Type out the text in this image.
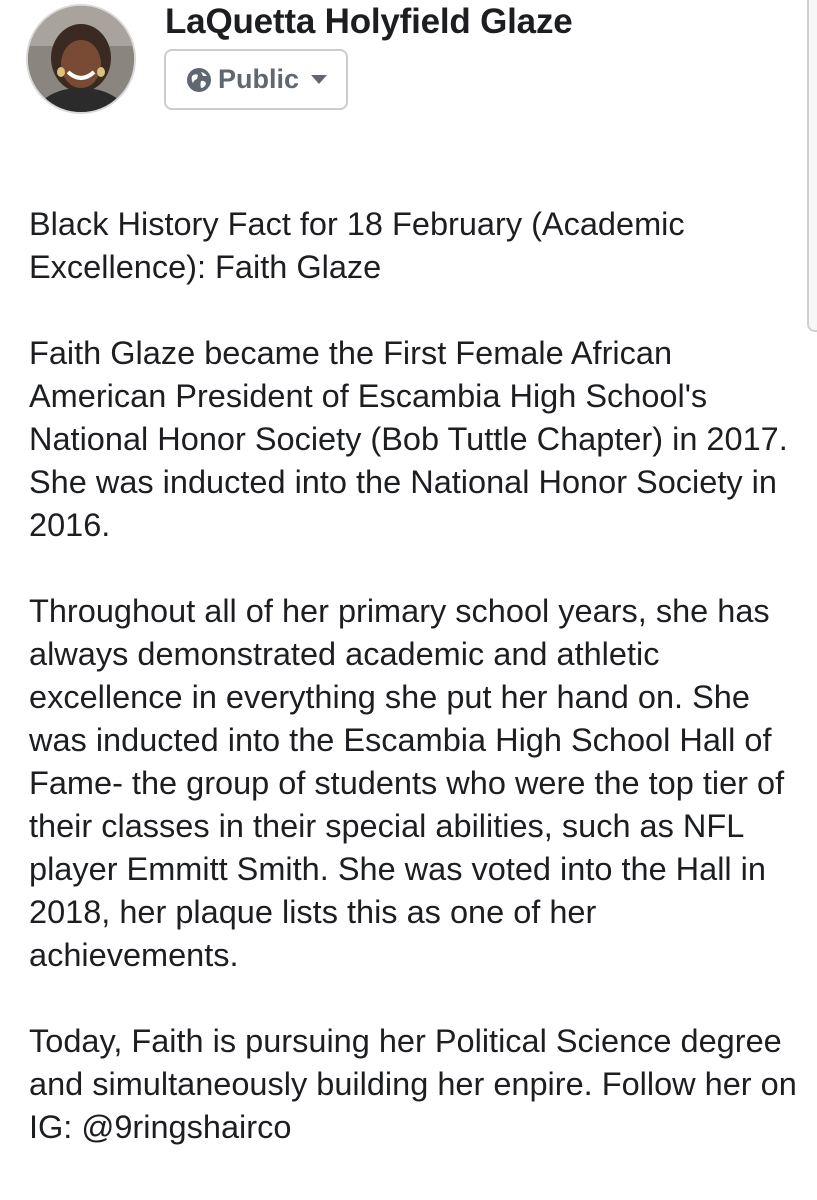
LaQuetta Holyfield Glaze
Public

Black History Fact for 18 February (Academic Excellence): Faith Glaze

Faith Glaze became the First Female African American President of Escambia High School's National Honor Society (Bob Tuttle Chapter) in 2017. She was inducted into the National Honor Society in 2016.

Throughout all of her primary school years, she has always demonstrated academic and athletic excellence in everything she put her hand on. She was inducted into the Escambia High School Hall of Fame- the group of students who were the top tier of their classes in their special abilities, such as NFL player Emmitt Smith. She was voted into the Hall in 2018, her plaque lists this as one of her achievements.

Today, Faith is pursuing her Political Science degree and simultaneously building her enpire. Follow her on IG: @9ringshairco
